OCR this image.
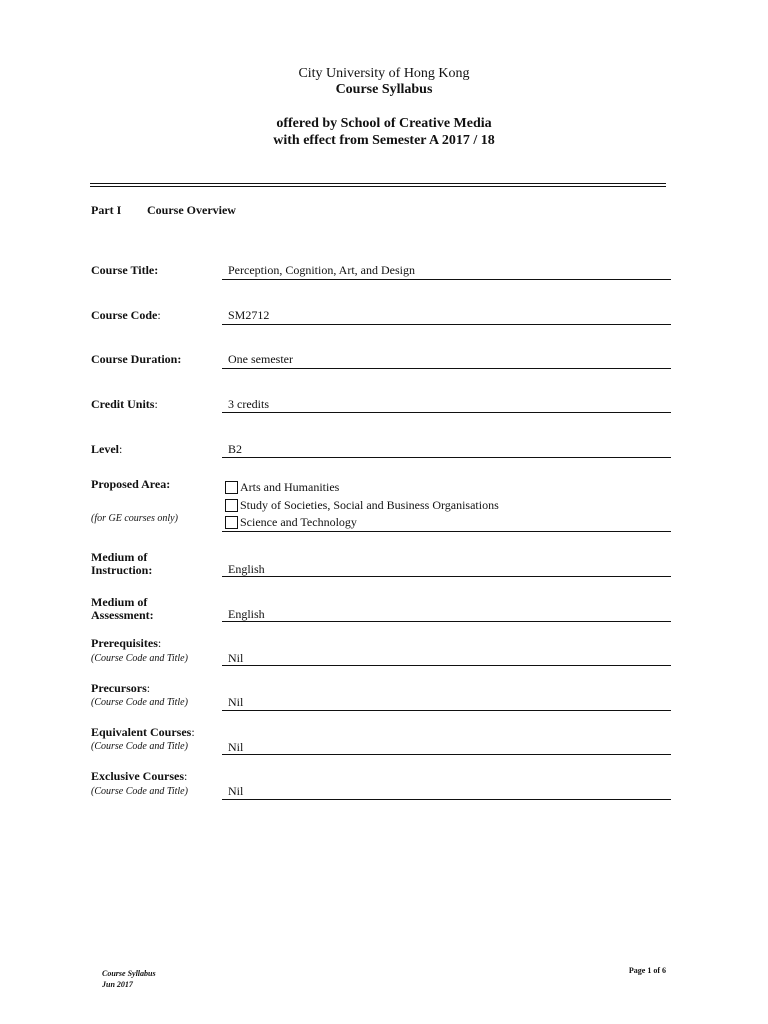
City University of Hong Kong
Course Syllabus
offered by School of Creative Media
with effect from Semester A 2017 / 18
Part I Course Overview
Course Title:	Perception, Cognition, Art, and Design
Course Code:	SM2712
Course Duration:	One semester
Credit Units:	3 credits
Level:	B2
Proposed Area:
(for GE courses only)
Arts and Humanities
Study of Societies, Social and Business Organisations
Science and Technology
Medium of
Instruction:	English
Medium of
Assessment:	English
Prerequisites:
(Course Code and Title)	Nil
Precursors:
(Course Code and Title)	Nil
Equivalent Courses:
(Course Code and Title)	Nil
Exclusive Courses:
(Course Code and Title)	Nil
Course Syllabus
Jun 2017
Page 1 of 6
